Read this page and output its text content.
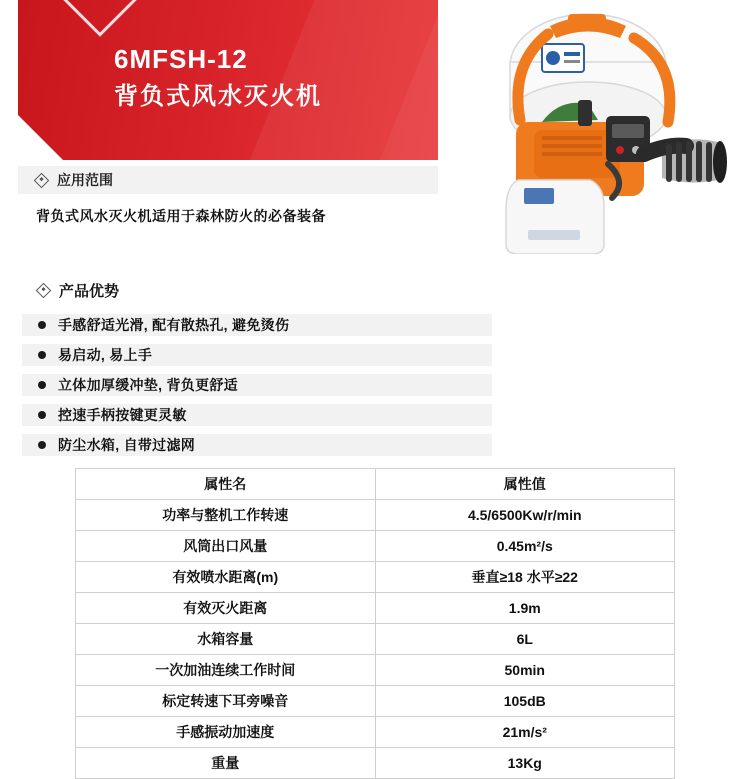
6MFSH-12
背负式风水灭火机
应用范围
背负式风水灭火机适用于森林防火的必备装备
产品优势
手感舒适光滑, 配有散热孔, 避免烫伤
易启动, 易上手
立体加厚缓冲垫, 背负更舒适
控速手柄按键更灵敏
防尘水箱, 自带过滤网
属性名	属性值
功率与整机工作转速	4.5/6500Kw/r/min
风筒出口风量	0.45m²/s
有效喷水距离(m)	垂直≥18 水平≥22
有效灭火距离	1.9m
水箱容量	6L
一次加油连续工作时间	50min
标定转速下耳旁噪音	105dB
手感振动加速度	21m/s²
重量	13Kg
